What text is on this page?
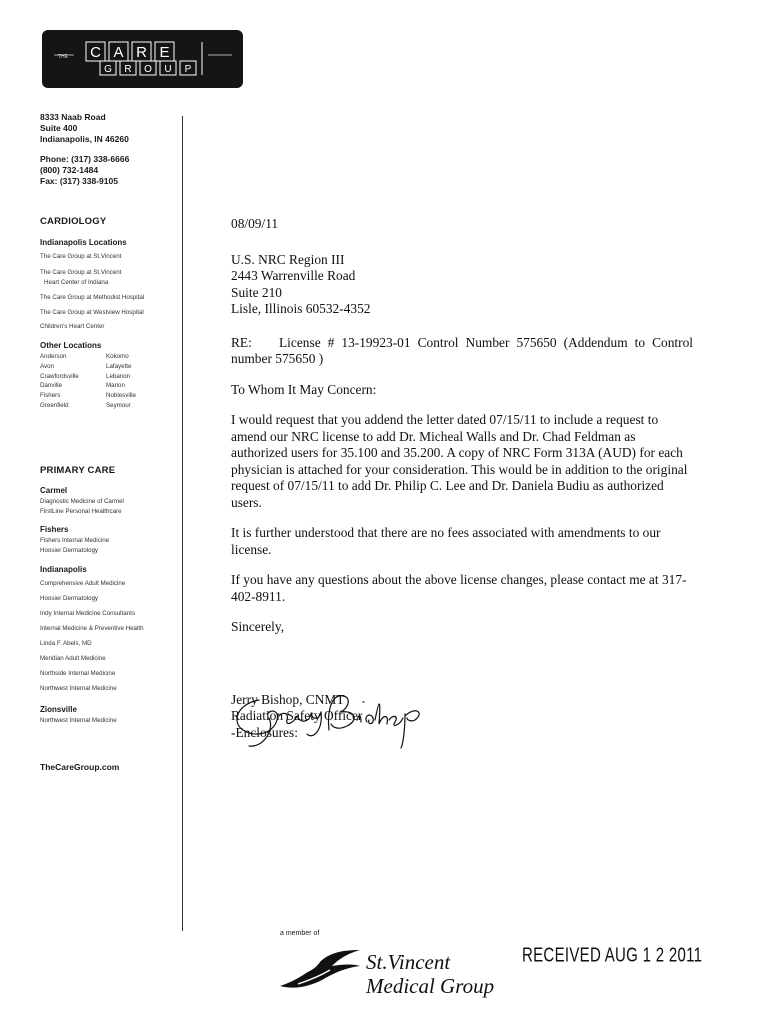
THE C A R E
G R O U P
8333 Naab Road
Suite 400
Indianapolis, IN 46260
Phone: (317) 338-6666
(800) 732-1484
Fax: (317) 338-9105
CARDIOLOGY
Indianapolis Locations
The Care Group at St.Vincent
The Care Group at St.Vincent
Heart Center of Indiana
The Care Group at Methodist Hospital
The Care Group at Westview Hospital
Children's Heart Center
Other Locations
Anderson	Kokomo
Avon	Lafayette
Crawfordsville	Lebanon
Danville	Marion
Fishers	Noblesville
Greenfield	Seymour
PRIMARY CARE
Carmel
Diagnostic Medicine of Carmel
FirstLine Personal Healthcare
Fishers
Fishers Internal Medicine
Hoosier Dermatology
Indianapolis
Comprehensive Adult Medicine
Hoosier Dermatology
Indy Internal Medicine Consultants
Internal Medicine & Preventive Health
Linda F. Abels, MD
Meridian Adult Medicine
Northside Internal Medicine
Northwest Internal Medicine
Zionsville
Northwest Internal Medicine
TheCareGroup.com

08/09/11

U.S. NRC Region III

2443 Warrenville Road

Suite 210

Lisle, Illinois 60532-4352

RE:	License # 13-19923-01 Control Number 575650 (Addendum to Control number 575650 )

To Whom It May Concern:

I would request that you addend the letter dated 07/15/11 to include a request to amend our NRC license to add Dr. Micheal Walls and Dr. Chad Feldman as authorized users for 35.100 and 35.200. A copy of NRC Form 313A (AUD) for each physician is attached for your consideration. This would be in addition to the original request of 07/15/11 to add Dr. Philip C. Lee and Dr. Daniela Budiu as authorized users.

It is further understood that there are no fees associated with amendments to our license.

If you have any questions about the above license changes, please contact me at 317-402-8911.

Sincerely,

Jerry Bishop, CNMT

Radiation Safety Officer

-Enclosures:

a member of
St.Vincent
Medical Group
RECEIVED AUG 1 2 2011
